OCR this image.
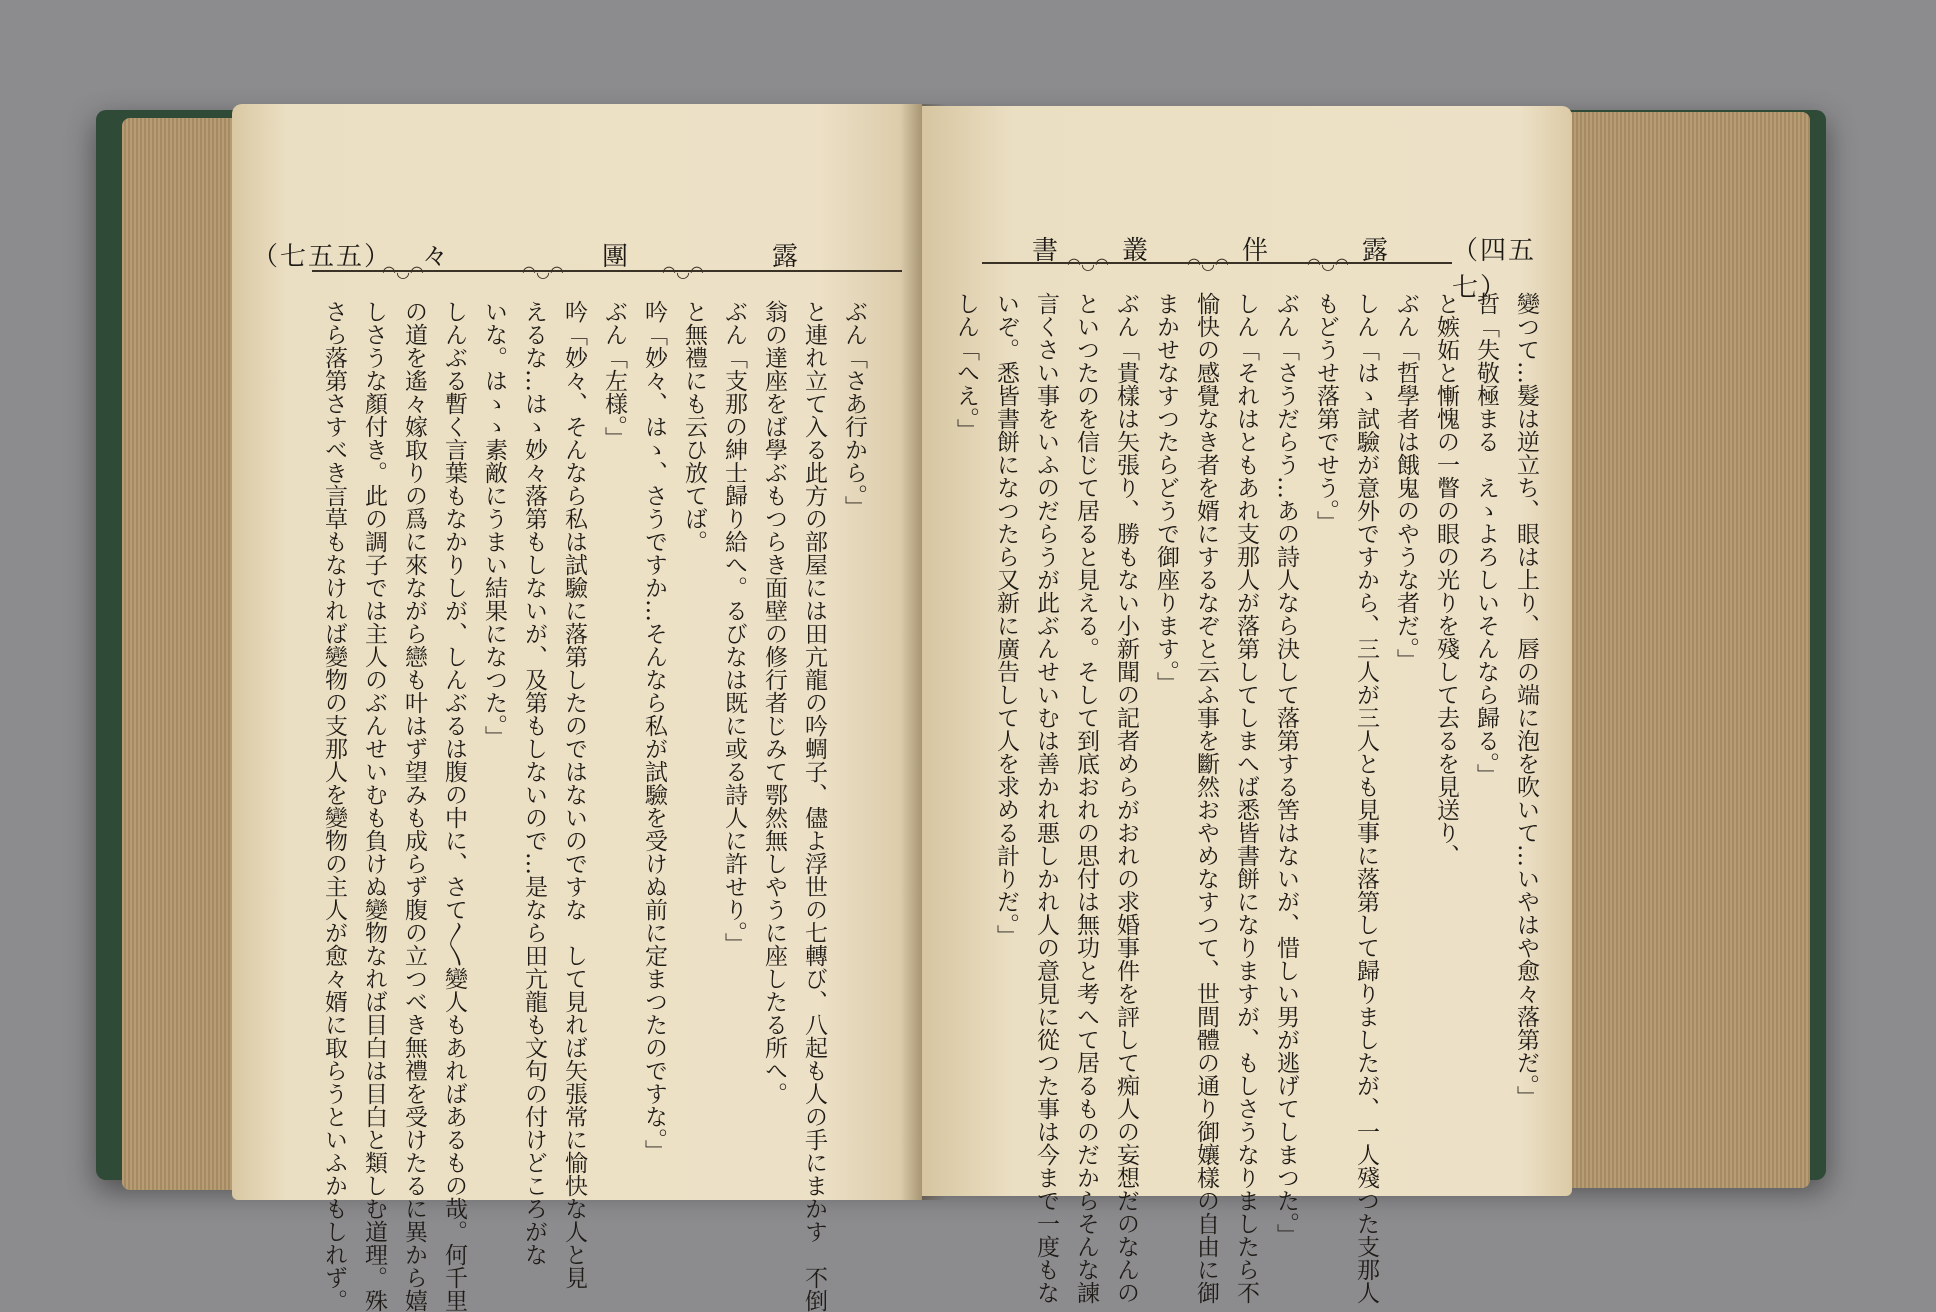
（七五五） 々	團	露
◠◡◠	◠◡◠	◠◡◠

ぶん「さあ行から。」

と連れ立て入る此方の部屋には田亢龍の吟蜩子、儘よ浮世の七轉び、八起も人の手にまかす　不倒

翁の達座をば學ぶもつらき面壁の修行者じみて鄂然無しやうに座したる所へ。

ぶん「支那の紳士歸り給へ。るびなは既に或る詩人に許せり。」

と無禮にも云ひ放てば。

吟「妙々、はゝ、さうですか…そんなら私が試驗を受けぬ前に定まつたのですな。」

ぶん「左様。」

吟「妙々、そんなら私は試驗に落第したのではないのですな　して見れば矢張常に愉快な人と見

えるな…はゝ妙々落第もしないが、及第もしないので…是なら田亢龍も文句の付けどころがな

いな。はゝゝ素敵にうまい結果になつた。」

しんぶる暫く言葉もなかりしが、しんぶるは腹の中に、さて〳〵變人もあればあるもの哉。何千里

の道を遙々嫁取りの爲に來ながら戀も叶はず望みも成らず腹の立つべき無禮を受けたるに異から嬉

しさうな顏付き。此の調子では主人のぶんせいむも負けぬ變物なれば目白は目白と類しむ道理。殊

さら落第さすべき言草もなければ變物の支那人を變物の主人が愈々婿に取らうといふかもしれず。

（四五七）
露
伴
叢
書 ◠◡◠	◠◡◠	◠◡◠

變つて…髮は逆立ち、眼は上り、唇の端に泡を吹いて…いやはや愈々落第だ。」

哲「失敬極まる　えゝよろしいそんなら歸る。」

と嫉妬と慚愧の一瞥の眼の光りを殘して去るを見送り、

ぶん「哲學者は餓鬼のやうな者だ。」

しん「はゝ試驗が意外ですから、三人が三人とも見事に落第して歸りましたが、一人殘つた支那人

もどうせ落第でせう。」

ぶん「さうだらう…あの詩人なら決して落第する筈はないが、惜しい男が逃げてしまつた。」

しん「それはともあれ支那人が落第してしまへば悉皆書餅になりますが、もしさうなりましたら不

愉快の感覺なき者を婿にするなぞと云ふ事を斷然おやめなすつて、世間體の通り御孃樣の自由に御

まかせなすつたらどうで御座ります。」

ぶん「貴樣は矢張り、勝もない小新聞の記者めらがおれの求婚事件を評して痴人の妄想だのなんの

といつたのを信じて居ると見える。そして到底おれの思付は無功と考へて居るものだからそんな諫

言くさい事をいふのだらうが此ぶんせいむは善かれ悪しかれ人の意見に從つた事は今まで一度もな

いぞ。悉皆書餅になつたら又新に廣告して人を求める計りだ。」

しん「へえ。」
